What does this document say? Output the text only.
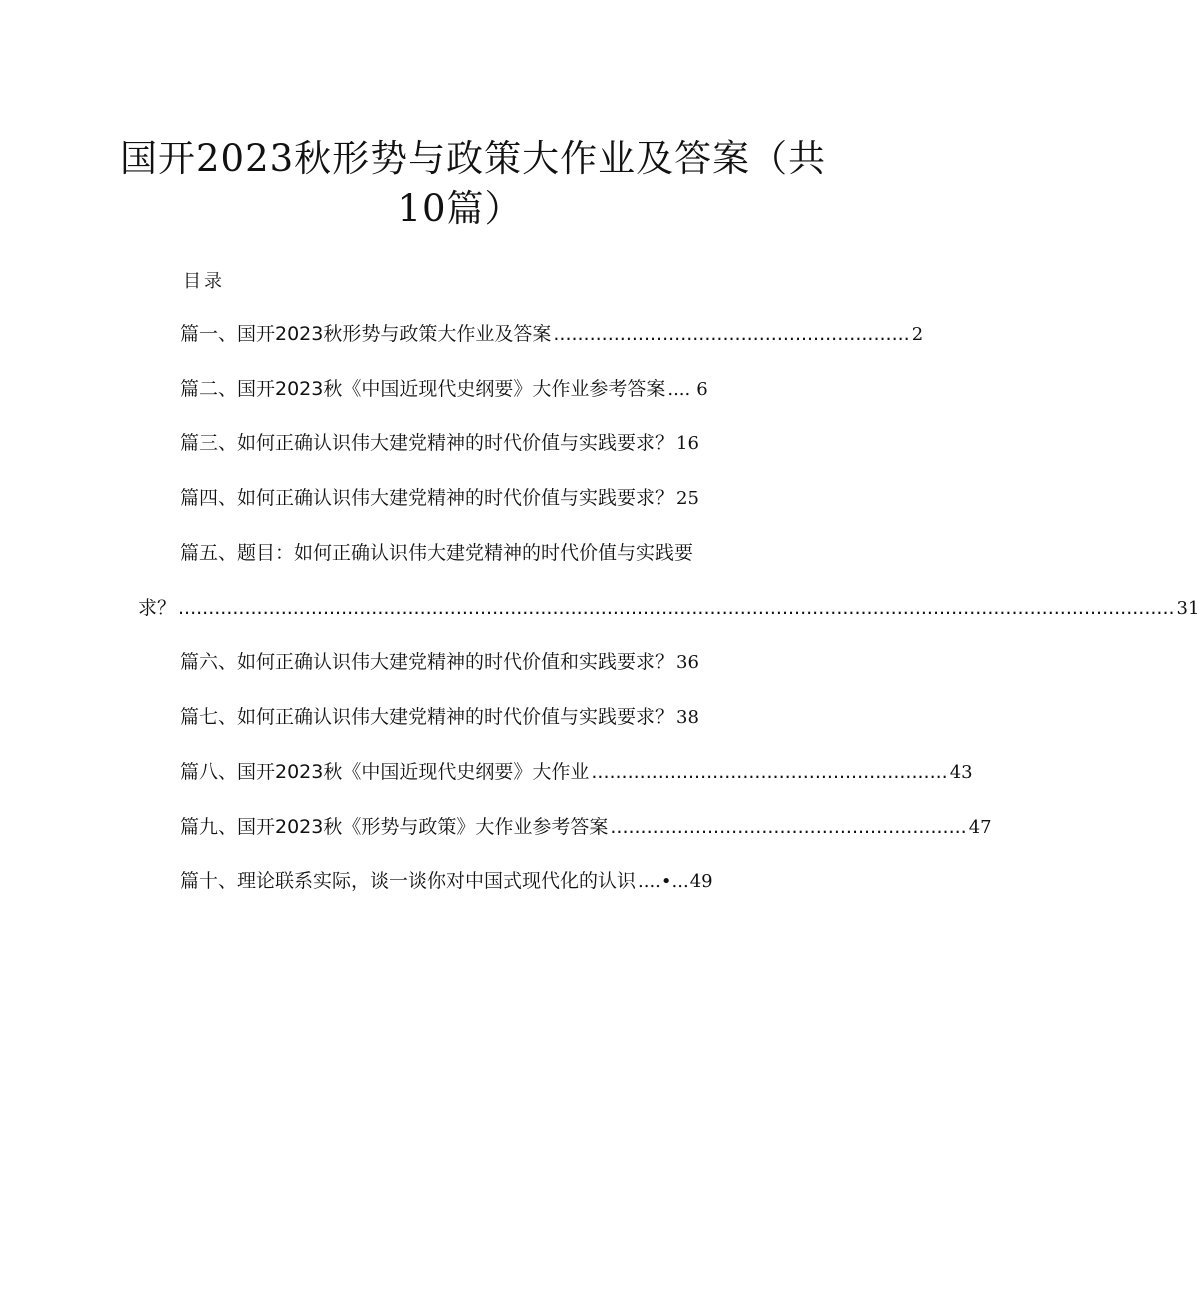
国开2023秋形势与政策大作业及答案（共
10篇）
目录
篇一、国开2023秋形势与政策大作业及答案 ........................................................... 2
篇二、国开2023秋《中国近现代史纲要》大作业参考答案 .... 6
篇三、如何正确认识伟大建党精神的时代价值与实践要求？ 16
篇四、如何正确认识伟大建党精神的时代价值与实践要求？ 25
篇五、题目：如何正确认识伟大建党精神的时代价值与实践要
求？ ..................................................................................................................................................................... 31
篇六、如何正确认识伟大建党精神的时代价值和实践要求？ 36
篇七、如何正确认识伟大建党精神的时代价值与实践要求？ 38
篇八、国开2023秋《中国近现代史纲要》大作业 ........................................................... 43
篇九、国开2023秋《形势与政策》大作业参考答案 ........................................................... 47
篇十、理论联系实际，谈一谈你对中国式现代化的认识 ....•... 49
